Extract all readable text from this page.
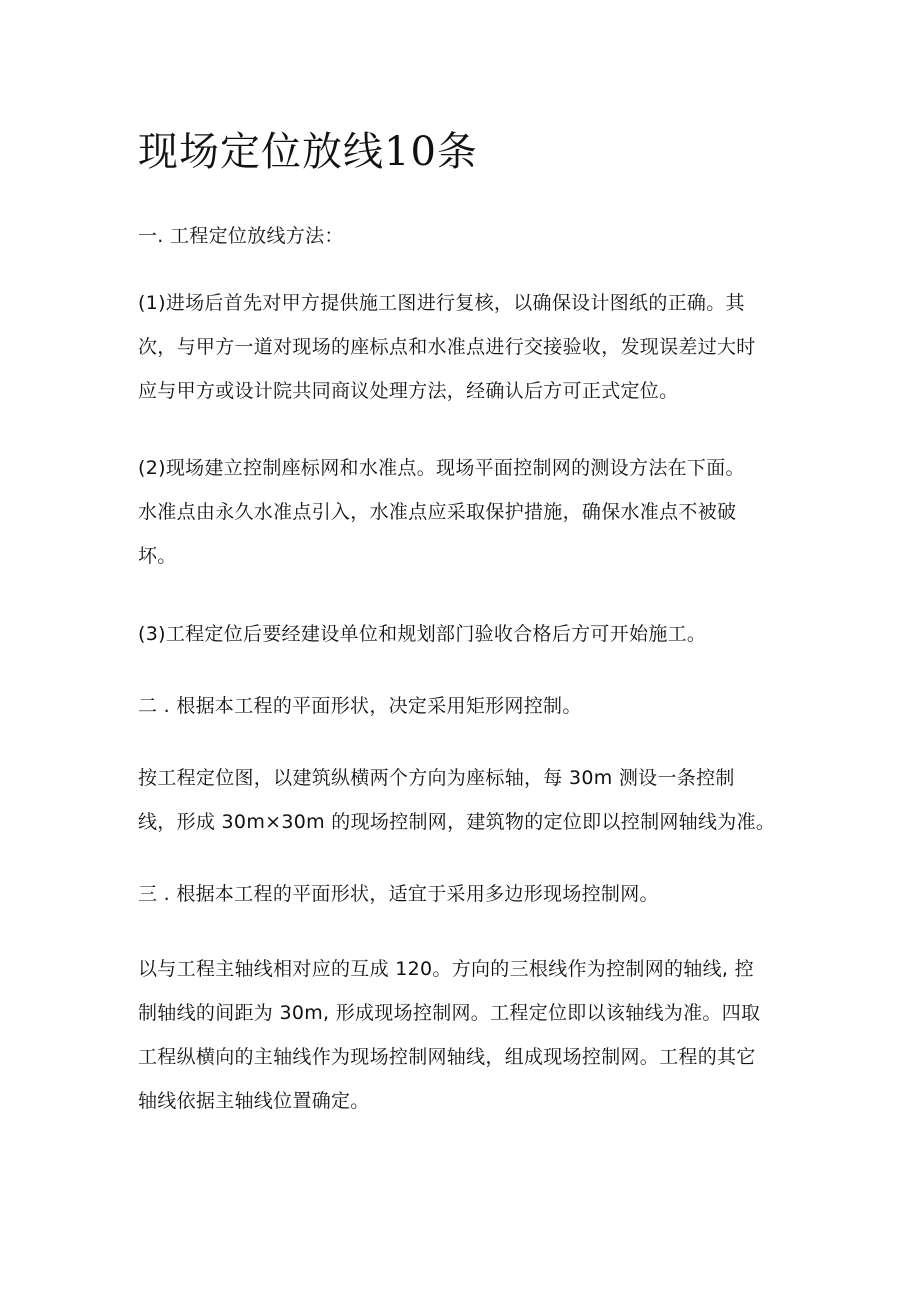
现场定位放线10条

一. 工程定位放线方法：

(1)进场后首先对甲方提供施工图进行复核，以确保设计图纸的正确。其
次，与甲方一道对现场的座标点和水准点进行交接验收，发现误差过大时
应与甲方或设计院共同商议处理方法，经确认后方可正式定位。

(2)现场建立控制座标网和水准点。现场平面控制网的测设方法在下面。
水准点由永久水准点引入，水准点应采取保护措施，确保水准点不被破
坏。

(3)工程定位后要经建设单位和规划部门验收合格后方可开始施工。

二 . 根据本工程的平面形状，决定采用矩形网控制。

按工程定位图，以建筑纵横两个方向为座标轴，每 30m 测设一条控制
线，形成 30m×30m 的现场控制网，建筑物的定位即以控制网轴线为准。

三 . 根据本工程的平面形状，适宜于采用多边形现场控制网。

以与工程主轴线相对应的互成 120。方向的三根线作为控制网的轴线, 控
制轴线的间距为 30m, 形成现场控制网。工程定位即以该轴线为准。四取
工程纵横向的主轴线作为现场控制网轴线，组成现场控制网。工程的其它
轴线依据主轴线位置确定。
